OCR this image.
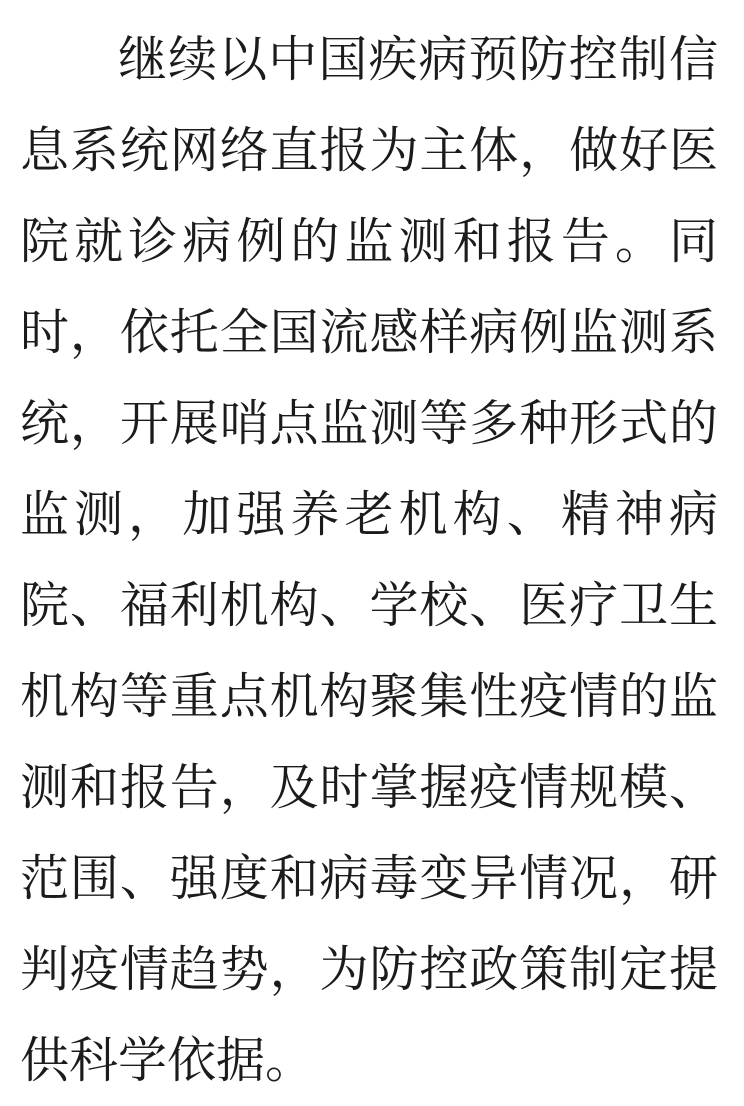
继续以中国疾病预防控制信息系统网络直报为主体，做好医院就诊病例的监测和报告。同时，依托全国流感样病例监测系统，开展哨点监测等多种形式的监测，加强养老机构、精神病院、福利机构、学校、医疗卫生机构等重点机构聚集性疫情的监测和报告，及时掌握疫情规模、范围、强度和病毒变异情况，研判疫情趋势，为防控政策制定提供科学依据。
